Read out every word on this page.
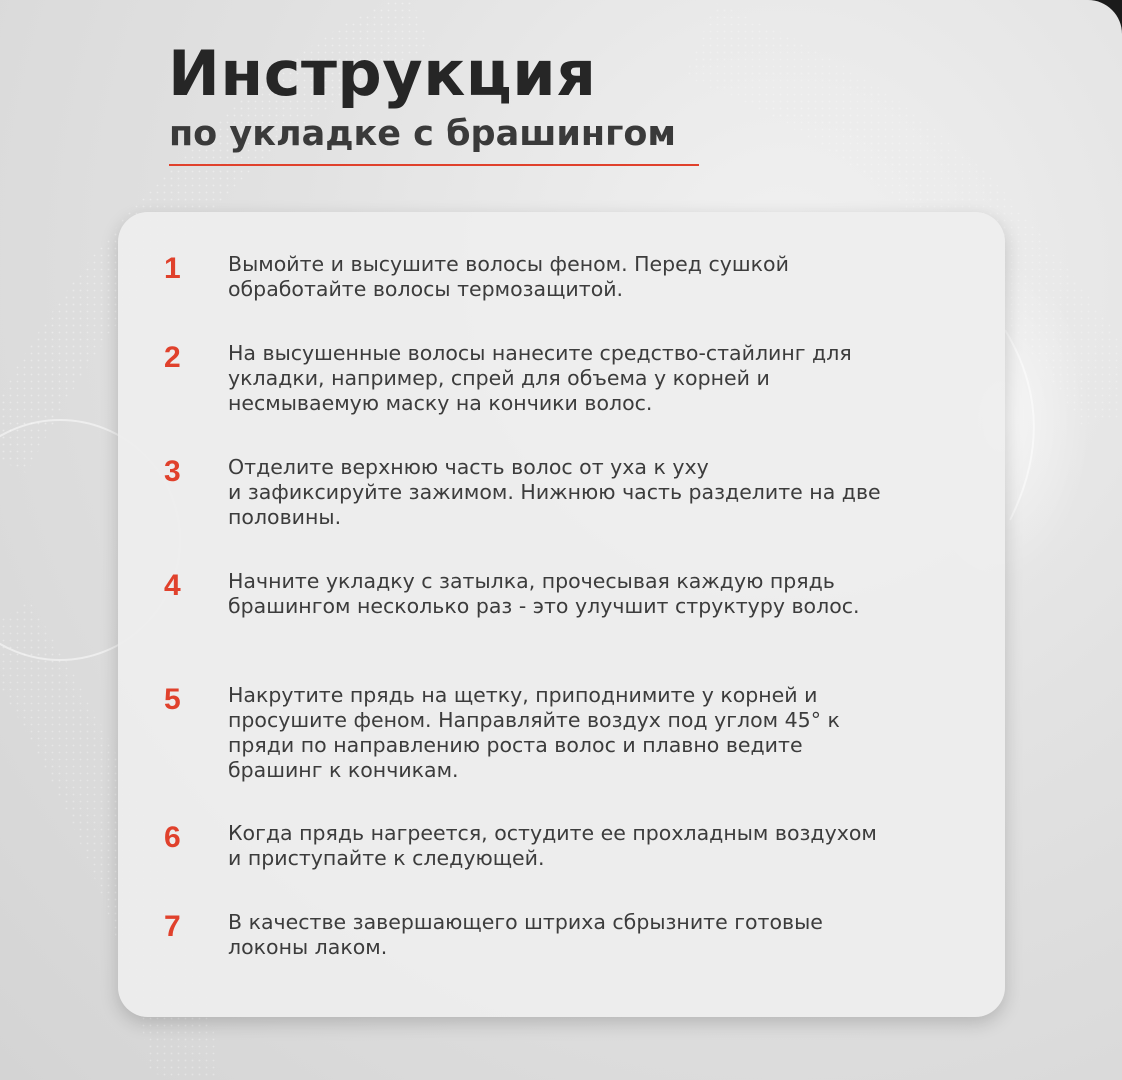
Инструкция
по укладке с брашингом
1 Вымойте и высушите волосы феном. Перед сушкой
обработайте волосы термозащитой.
2 На высушенные волосы нанесите средство-стайлинг для
укладки, например, спрей для объема у корней и
несмываемую маску на кончики волос.
3 Отделите верхнюю часть волос от уха к уху
и зафиксируйте зажимом. Нижнюю часть разделите на две
половины.
4 Начните укладку с затылка, прочесывая каждую прядь
брашингом несколько раз - это улучшит структуру волос.
5 Накрутите прядь на щетку, приподнимите у корней и
просушите феном. Направляйте воздух под углом 45° к
пряди по направлению роста волос и плавно ведите
брашинг к кончикам.
6 Когда прядь нагреется, остудите ее прохладным воздухом
и приступайте к следующей.
7 В качестве завершающего штриха сбрызните готовые
локоны лаком.
